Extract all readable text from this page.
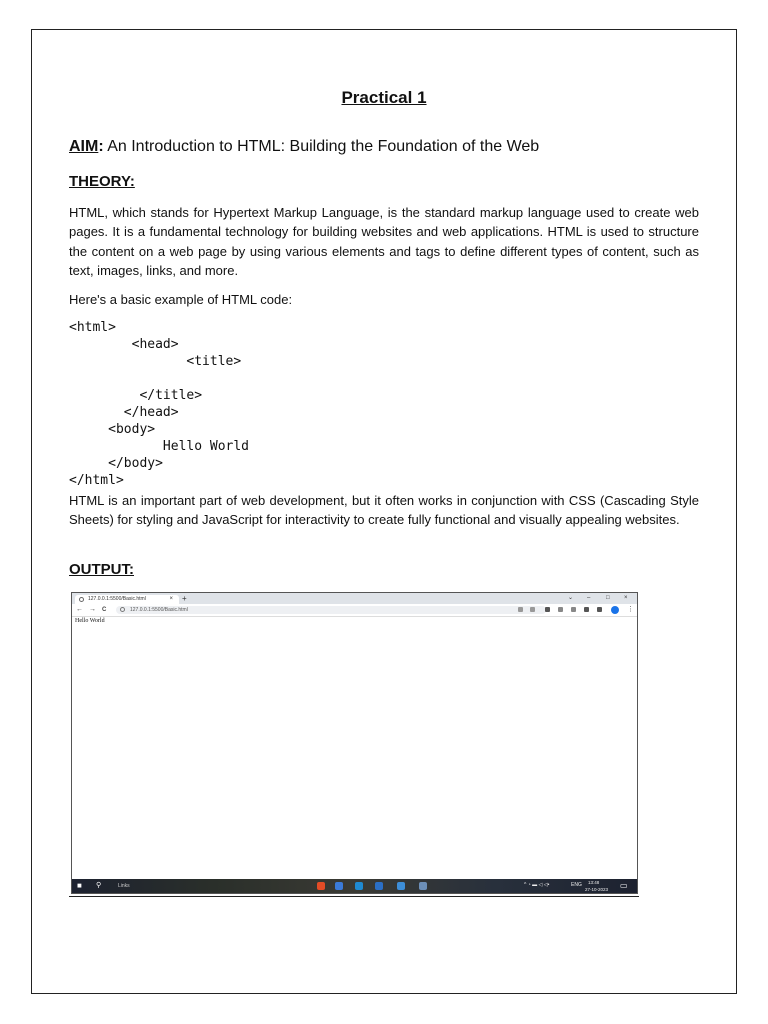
Practical 1
AIM: An Introduction to HTML: Building the Foundation of the Web
THEORY:
HTML, which stands for Hypertext Markup Language, is the standard markup language used to create web pages. It is a fundamental technology for building websites and web applications. HTML is used to structure the content on a web page by using various elements and tags to define different types of content, such as text, images, links, and more.
Here's a basic example of HTML code:
<html>
<head>
<title>
</title>
</head>
<body>
Hello World
</body>
</html>
HTML is an important part of web development, but it often works in conjunction with CSS (Cascading Style Sheets) for styling and JavaScript for interactivity to create fully functional and visually appealing websites.
OUTPUT:
127.0.0.1:5500/Basic.html	× +	⌄ –	□ ×
← → C	127.0.0.1:5500/Basic.html	⋮
Hello World
■ ⚲	Links	^ ◔ ▬ ◁ ◁•	ENG 13:48
27-10-2023 ▭
